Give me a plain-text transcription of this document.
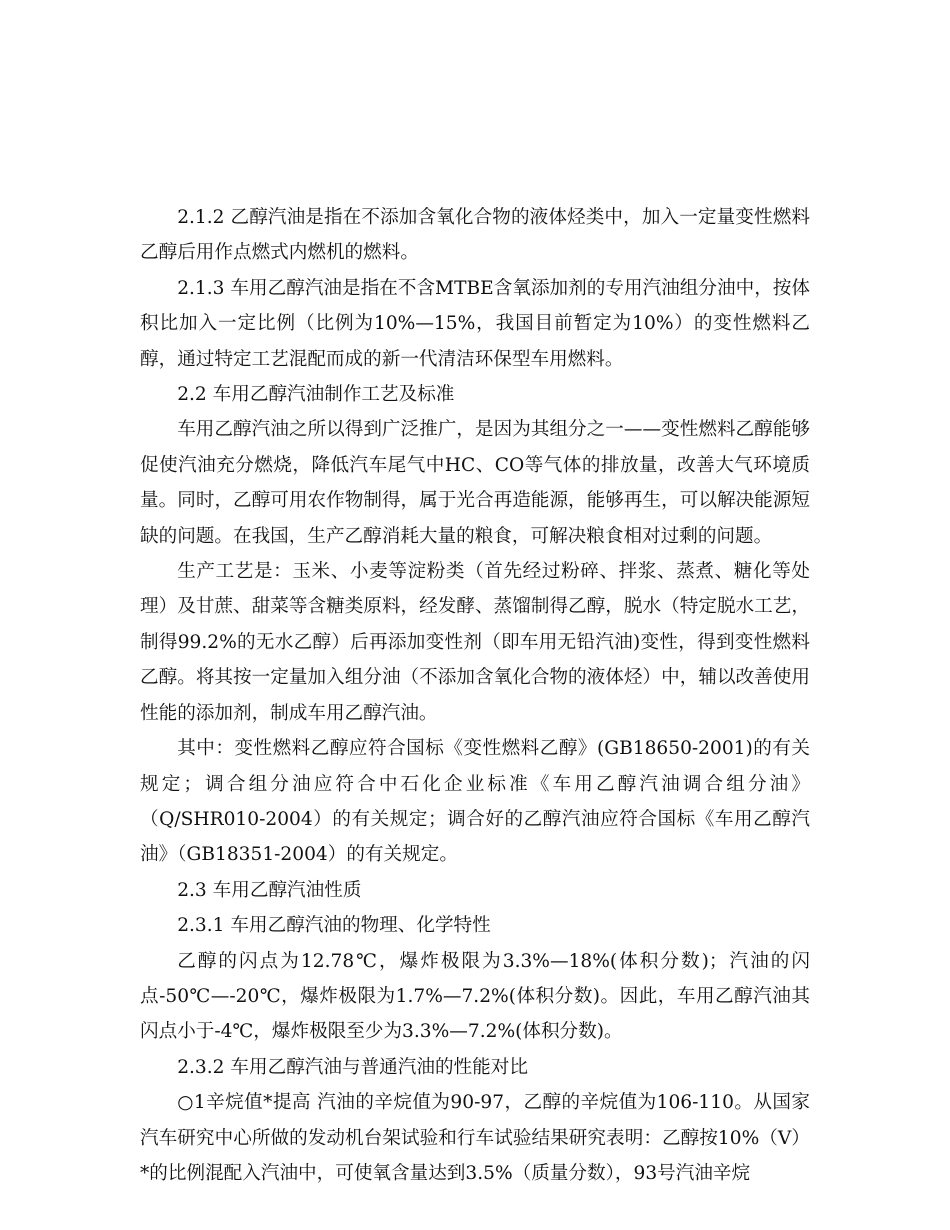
2.1.2 乙醇汽油是指在不添加含氧化合物的液体烃类中，加入一定量变性燃料乙醇后用作点燃式内燃机的燃料。

2.1.3 车用乙醇汽油是指在不含MTBE含氧添加剂的专用汽油组分油中，按体积比加入一定比例（比例为10%—15%，我国目前暂定为10%）的变性燃料乙醇，通过特定工艺混配而成的新一代清洁环保型车用燃料。

2.2 车用乙醇汽油制作工艺及标准

车用乙醇汽油之所以得到广泛推广，是因为其组分之一——变性燃料乙醇能够促使汽油充分燃烧，降低汽车尾气中HC、CO等气体的排放量，改善大气环境质量。同时，乙醇可用农作物制得，属于光合再造能源，能够再生，可以解决能源短缺的问题。在我国，生产乙醇消耗大量的粮食，可解决粮食相对过剩的问题。

生产工艺是：玉米、小麦等淀粉类（首先经过粉碎、拌浆、蒸煮、糖化等处理）及甘蔗、甜菜等含糖类原料，经发酵、蒸馏制得乙醇，脱水（特定脱水工艺，制得99.2%的无水乙醇）后再添加变性剂（即车用无铅汽油)变性，得到变性燃料乙醇。将其按一定量加入组分油（不添加含氧化合物的液体烃）中，辅以改善使用性能的添加剂，制成车用乙醇汽油。

其中：变性燃料乙醇应符合国标《变性燃料乙醇》(GB18650-2001)的有关规定；调合组分油应符合中石化企业标准《车用乙醇汽油调合组分油》（Q/SHR010-2004）的有关规定；调合好的乙醇汽油应符合国标《车用乙醇汽油》（GB18351-2004）的有关规定。

2.3 车用乙醇汽油性质

2.3.1 车用乙醇汽油的物理、化学特性

乙醇的闪点为12.78℃，爆炸极限为3.3%—18%(体积分数)；汽油的闪点-50℃—-20℃，爆炸极限为1.7%—7.2%(体积分数)。因此，车用乙醇汽油其闪点小于-4℃，爆炸极限至少为3.3%—7.2%(体积分数)。

2.3.2 车用乙醇汽油与普通汽油的性能对比

○1辛烷值*提高 汽油的辛烷值为90-97，乙醇的辛烷值为106-110。从国家汽车研究中心所做的发动机台架试验和行车试验结果研究表明：乙醇按10%（V）*的比例混配入汽油中，可使氧含量达到3.5%（质量分数），93号汽油辛烷
